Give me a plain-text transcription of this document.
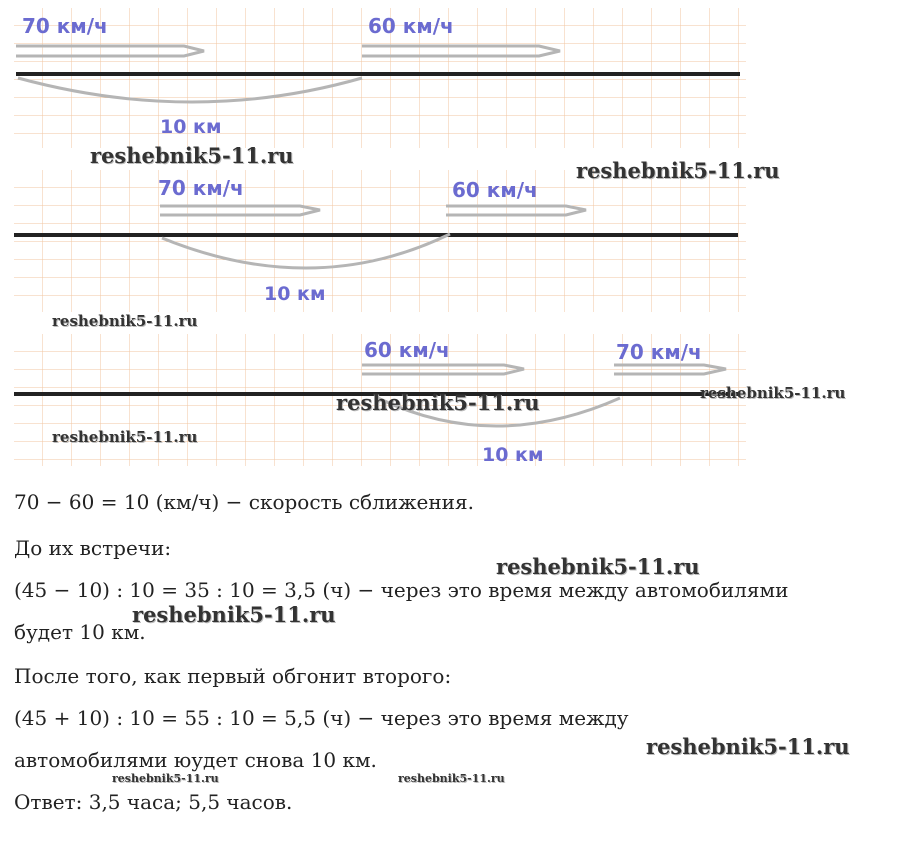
70 км/ч	60 км/ч
10 км
70 км/ч	60 км/ч
10 км
60 км/ч	70 км/ч
10 км
70 − 60 = 10 (км/ч) − скорость сближения.
До их встречи:
(45 − 10) : 10 = 35 : 10 = 3,5 (ч) − через это время между автомобилями
будет 10 км.
После того, как первый обгонит второго:
(45 + 10) : 10 = 55 : 10 = 5,5 (ч) − через это время между
автомобилями юудет снова 10 км.
Ответ: 3,5 часа; 5,5 часов.
reshebnik5-11.ru
reshebnik5-11.ru
reshebnik5-11.ru
reshebnik5-11.ru
reshebnik5-11.ru
reshebnik5-11.ru
reshebnik5-11.ru
reshebnik5-11.ru
reshebnik5-11.ru
reshebnik5-11.ru	reshebnik5-11.ru
